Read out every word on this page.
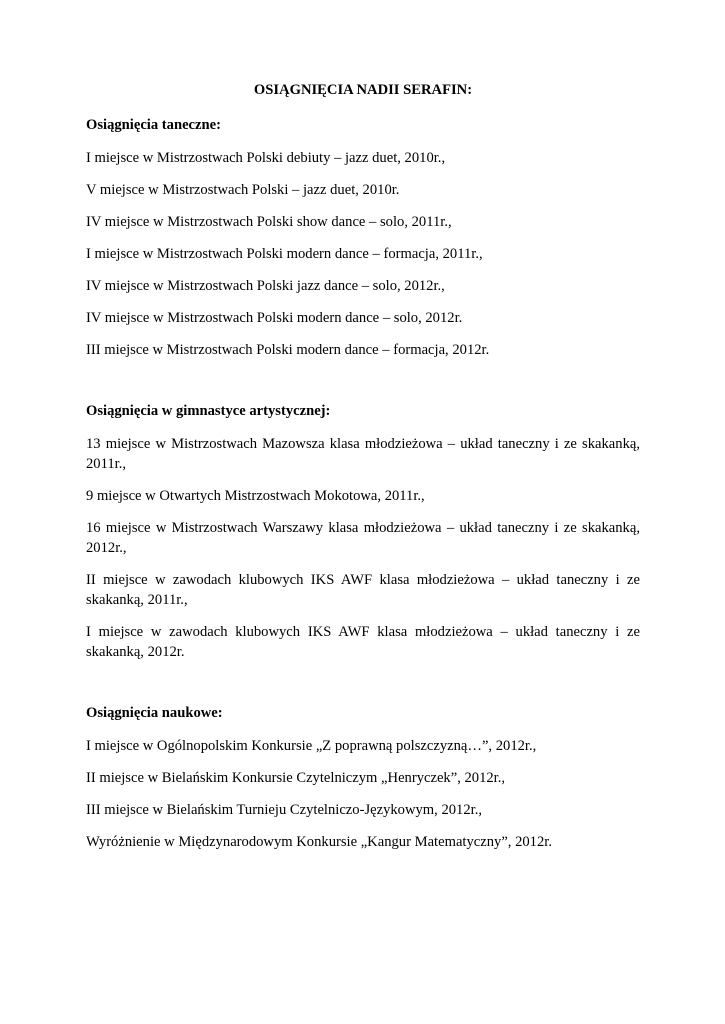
OSIĄGNIĘCIA NADII SERAFIN:
Osiągnięcia taneczne:
I miejsce w Mistrzostwach Polski debiuty – jazz duet, 2010r.,
V miejsce w Mistrzostwach Polski – jazz duet, 2010r.
IV miejsce w Mistrzostwach Polski show dance – solo, 2011r.,
I miejsce w Mistrzostwach Polski modern dance – formacja, 2011r.,
IV miejsce w Mistrzostwach Polski jazz dance – solo, 2012r.,
IV miejsce w Mistrzostwach Polski modern dance – solo, 2012r.
III miejsce w Mistrzostwach Polski modern dance – formacja, 2012r.
Osiągnięcia w gimnastyce artystycznej:
13 miejsce w Mistrzostwach Mazowsza klasa młodzieżowa – układ taneczny i ze skakanką, 2011r.,
9 miejsce w Otwartych Mistrzostwach Mokotowa, 2011r.,
16 miejsce w Mistrzostwach Warszawy klasa młodzieżowa – układ taneczny i ze skakanką, 2012r.,
II miejsce w zawodach klubowych IKS AWF klasa młodzieżowa – układ taneczny i ze skakanką, 2011r.,
I miejsce w zawodach klubowych IKS AWF klasa młodzieżowa – układ taneczny i ze skakanką, 2012r.
Osiągnięcia naukowe:
I miejsce w Ogólnopolskim Konkursie „Z poprawną polszczyzną…”, 2012r.,
II miejsce w Bielańskim Konkursie Czytelniczym „Henryczek”, 2012r.,
III miejsce w Bielańskim Turnieju Czytelniczo-Językowym, 2012r.,
Wyróżnienie w Międzynarodowym Konkursie „Kangur Matematyczny”, 2012r.
